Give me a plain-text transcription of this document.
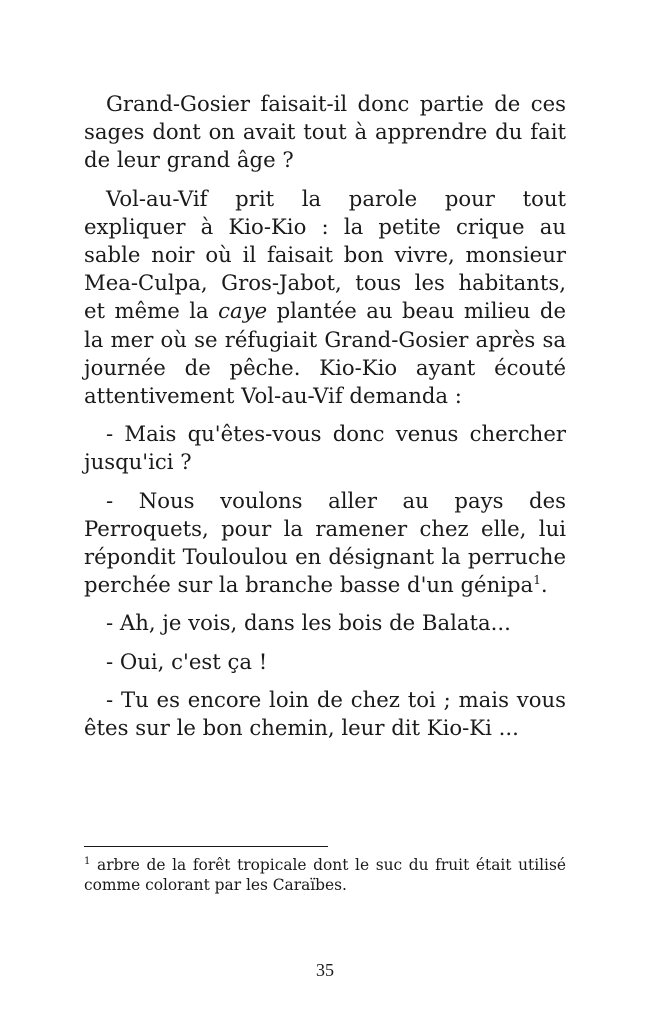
Grand-Gosier faisait-il donc partie de ces sages dont on avait tout à apprendre du fait de leur grand âge ?

Vol-au-Vif prit la parole pour tout expliquer à Kio-Kio : la petite crique au sable noir où il faisait bon vivre, monsieur Mea-Culpa, Gros-Jabot, tous les habitants, et même la caye plantée au beau milieu de la mer où se réfugiait Grand-Gosier après sa journée de pêche. Kio-Kio ayant écouté attentivement Vol-au-Vif demanda :

- Mais qu'êtes-vous donc venus chercher jusqu'ici ?

- Nous voulons aller au pays des Perroquets, pour la ramener chez elle, lui répondit Touloulou en désignant la perruche perchée sur la branche basse d'un génipa$^1$.

- Ah, je vois, dans les bois de Balata...

- Oui, c'est ça !

- Tu es encore loin de chez toi ; mais vous êtes sur le bon chemin, leur dit Kio-Ki ...

$^1$ arbre de la forêt tropicale dont le suc du fruit était utilisé comme colorant par les Caraïbes.

35
